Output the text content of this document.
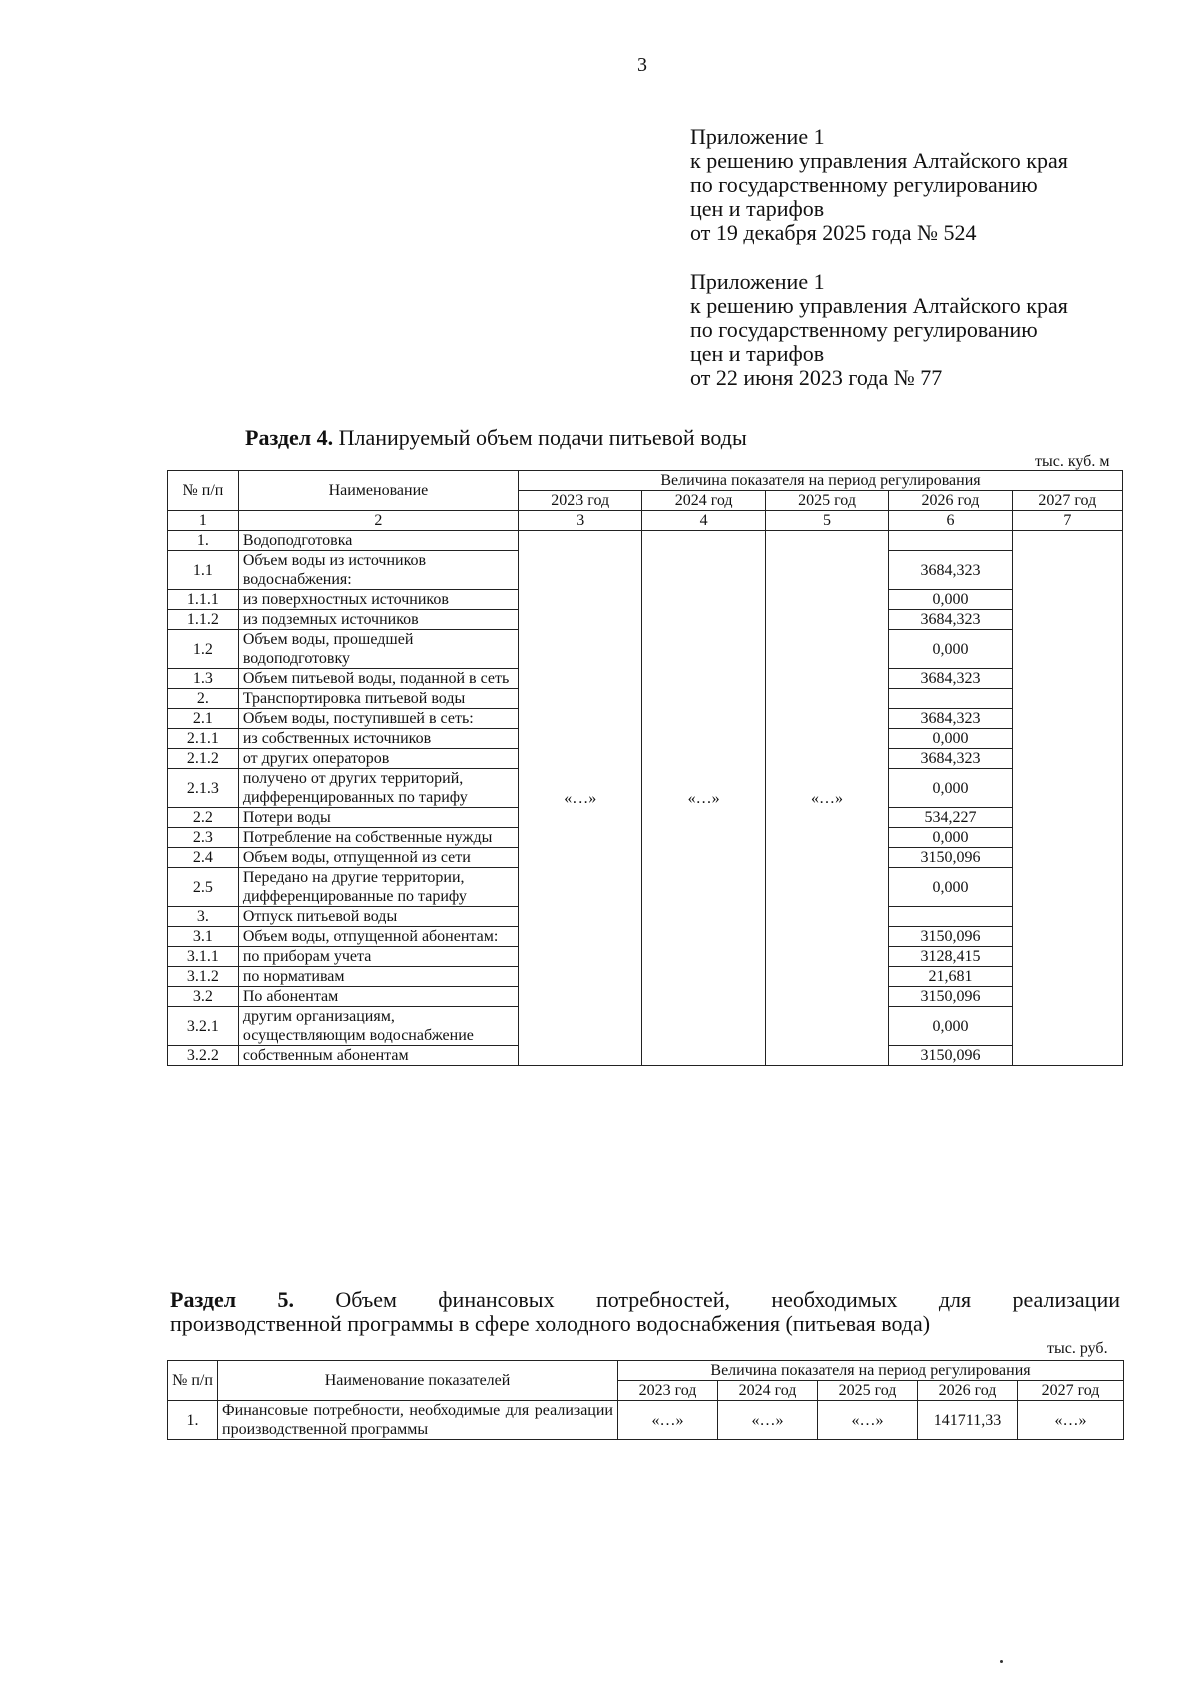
3
Приложение 1
к решению управления Алтайского края
по государственному регулированию
цен и тарифов
от 19 декабря 2025 года № 524
Приложение 1
к решению управления Алтайского края
по государственному регулированию
цен и тарифов
от 22 июня 2023 года № 77
Раздел 4. Планируемый объем подачи питьевой воды
тыс. куб. м
№ п/п	Наименование	Величина показателя на период регулирования				
		2023 год	2024 год	2025 год	2026 год	2027 год
1	2	3	4	5	6	7
1.	Водоподготовка	«…»	«…»	«…»		
1.1	Объем воды из источников водоснабжения:				3684,323	
1.1.1	из поверхностных источников				0,000	
1.1.2	из подземных источников				3684,323	
1.2	Объем воды, прошедшей водоподготовку				0,000	
1.3	Объем питьевой воды, поданной в сеть				3684,323	
2.	Транспортировка питьевой воды					
2.1	Объем воды, поступившей в сеть:				3684,323	
2.1.1	из собственных источников				0,000	
2.1.2	от других операторов				3684,323	
2.1.3	получено от других территорий, дифференцированных по тарифу				0,000	
2.2	Потери воды				534,227	
2.3	Потребление на собственные нужды				0,000	
2.4	Объем воды, отпущенной из сети				3150,096	
2.5	Передано на другие территории, дифференцированные по тарифу				0,000	
3.	Отпуск питьевой воды					
3.1	Объем воды, отпущенной абонентам:				3150,096	
3.1.1	по приборам учета				3128,415	
3.1.2	по нормативам				21,681	
3.2	По абонентам				3150,096	
3.2.1	другим организациям, осуществляющим водоснабжение				0,000	
3.2.2	собственным абонентам				3150,096	
Раздел 5. Объем финансовых потребностей, необходимых для реализации
производственной программы в сфере холодного водоснабжения (питьевая вода)
тыс. руб.
№ п/п	Наименование показателей	Величина показателя на период регулирования				
		2023 год	2024 год	2025 год	2026 год	2027 год
1.	Финансовые потребности, необходимые для реализации производственной программы	«…»	«…»	«…»	141711,33	«…»
